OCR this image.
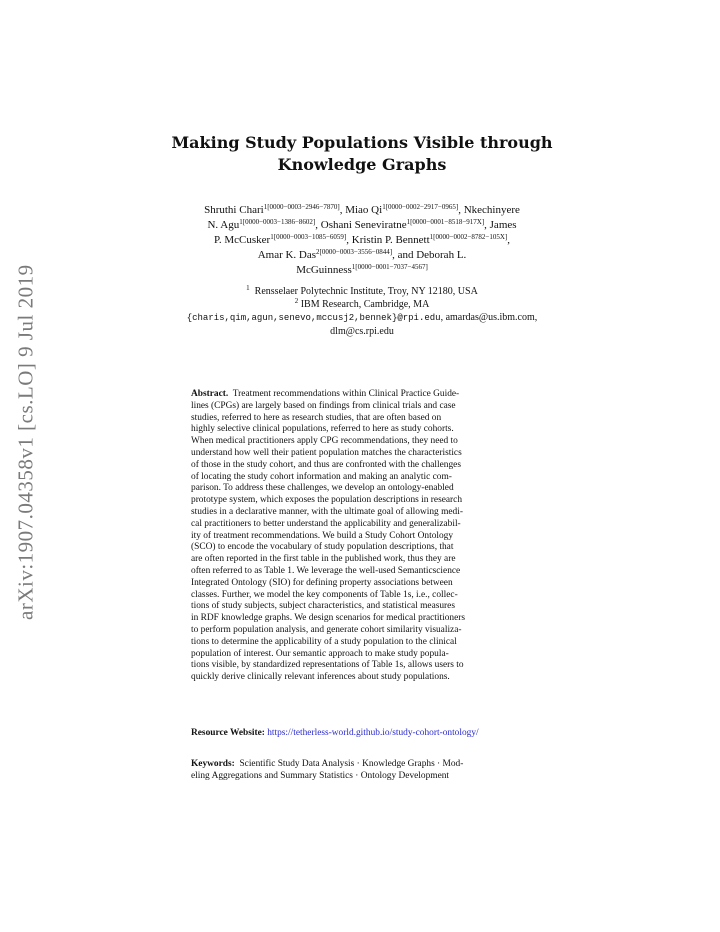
arXiv:1907.04358v1 [cs.LO] 9 Jul 2019
Making Study Populations Visible through
Knowledge Graphs
Shruthi Chari$^{1[0000-0003-2946-7870]}$, Miao $Qi^{1[0000-0002-2917-0965]}$, Nkechinyere
N. Agu$^{1[0000-0003-1386-8602]}$, Oshani Seneviratne$^{1[0000-0001-8518-917X]}$, James
P. McCusker$^{1[0000-0003-1085-6059]}$, Kristin P. Bennett$^{1[0000-0002-8782-105X]}$,
Amar K. Das$^{2[0000-0003-3556-0844]}$, and Deborah L.
McGuinness$^{1[0000-0001-7037-4567]}$
$^1$ Rensselaer Polytechnic Institute, Troy, NY 12180, USA
$^2$ IBM Research, Cambridge, MA
{charis,qim,agun,senevo,mccusj2,bennek}@rpi.edu, amardas@us.ibm.com,
dlm@cs.rpi.edu
Abstract. Treatment recommendations within Clinical Practice Guide-
lines (CPGs) are largely based on findings from clinical trials and case
studies, referred to here as research studies, that are often based on
highly selective clinical populations, referred to here as study cohorts.
When medical practitioners apply CPG recommendations, they need to
understand how well their patient population matches the characteristics
of those in the study cohort, and thus are confronted with the challenges
of locating the study cohort information and making an analytic com-
parison. To address these challenges, we develop an ontology-enabled
prototype system, which exposes the population descriptions in research
studies in a declarative manner, with the ultimate goal of allowing medi-
cal practitioners to better understand the applicability and generalizabil-
ity of treatment recommendations. We build a Study Cohort Ontology
(SCO) to encode the vocabulary of study population descriptions, that
are often reported in the first table in the published work, thus they are
often referred to as Table 1. We leverage the well-used Semanticscience
Integrated Ontology (SIO) for defining property associations between
classes. Further, we model the key components of Table 1s, i.e., collec-
tions of study subjects, subject characteristics, and statistical measures
in RDF knowledge graphs. We design scenarios for medical practitioners
to perform population analysis, and generate cohort similarity visualiza-
tions to determine the applicability of a study population to the clinical
population of interest. Our semantic approach to make study popula-
tions visible, by standardized representations of Table 1s, allows users to
quickly derive clinically relevant inferences about study populations.
Resource Website: https://tetherless-world.github.io/study-cohort-ontology/
Keywords: Scientific Study Data Analysis · Knowledge Graphs · Mod-
eling Aggregations and Summary Statistics · Ontology Development
